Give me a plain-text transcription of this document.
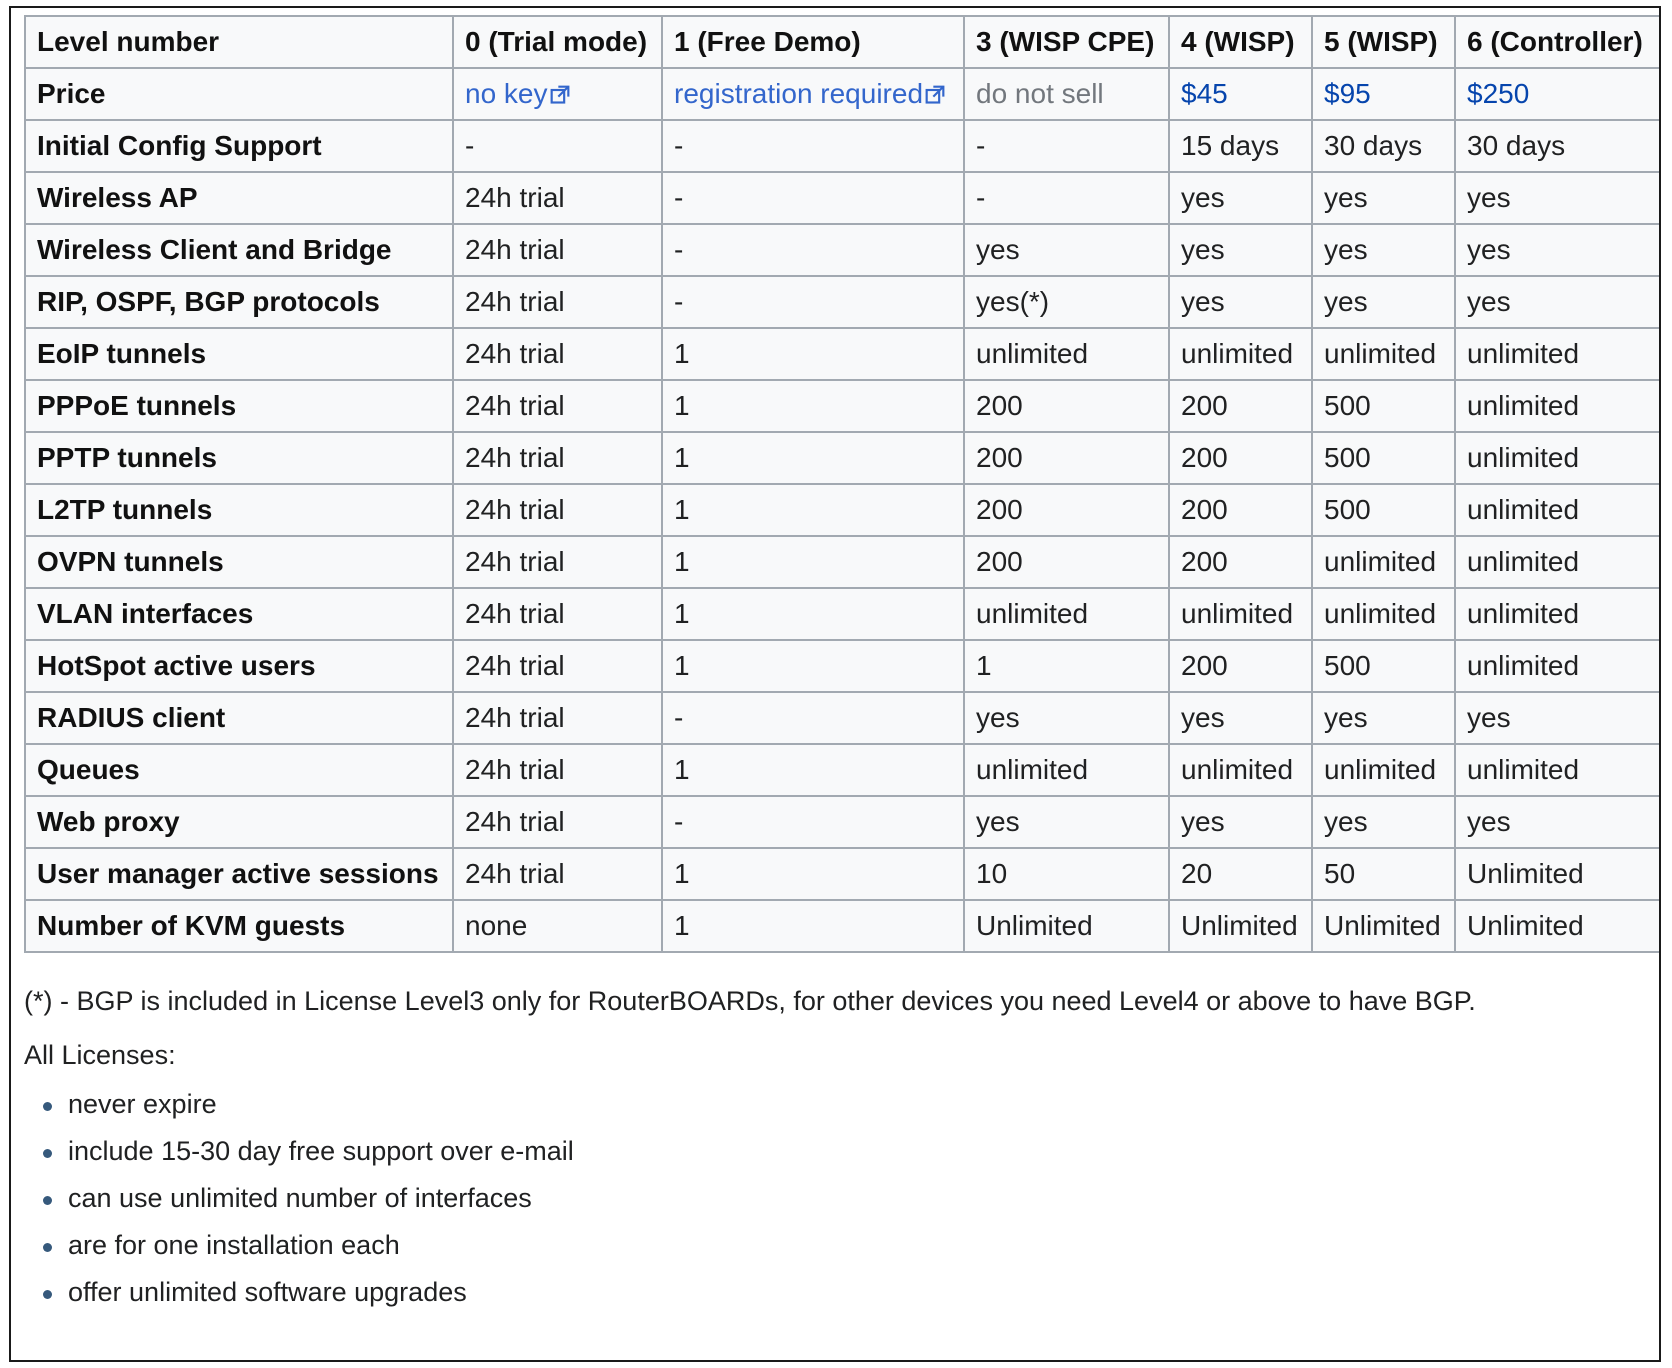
Level number	0 (Trial mode)	1 (Free Demo)	3 (WISP CPE)	4 (WISP)	5 (WISP)	6 (Controller)
Price	no key	registration required	do not sell	$45	$95	$250
Initial Config Support	-	-	-	15 days	30 days	30 days
Wireless AP	24h trial	-	-	yes	yes	yes
Wireless Client and Bridge	24h trial	-	yes	yes	yes	yes
RIP, OSPF, BGP protocols	24h trial	-	yes(*)	yes	yes	yes
EoIP tunnels	24h trial	1	unlimited	unlimited	unlimited	unlimited
PPPoE tunnels	24h trial	1	200	200	500	unlimited
PPTP tunnels	24h trial	1	200	200	500	unlimited
L2TP tunnels	24h trial	1	200	200	500	unlimited
OVPN tunnels	24h trial	1	200	200	unlimited	unlimited
VLAN interfaces	24h trial	1	unlimited	unlimited	unlimited	unlimited
HotSpot active users	24h trial	1	1	200	500	unlimited
RADIUS client	24h trial	-	yes	yes	yes	yes
Queues	24h trial	1	unlimited	unlimited	unlimited	unlimited
Web proxy	24h trial	-	yes	yes	yes	yes
User manager active sessions	24h trial	1	10	20	50	Unlimited
Number of KVM guests	none	1	Unlimited	Unlimited	Unlimited	Unlimited

(*) - BGP is included in License Level3 only for RouterBOARDs, for other devices you need Level4 or above to have BGP.

All Licenses:

never expire
include 15-30 day free support over e-mail
can use unlimited number of interfaces
are for one installation each
offer unlimited software upgrades
